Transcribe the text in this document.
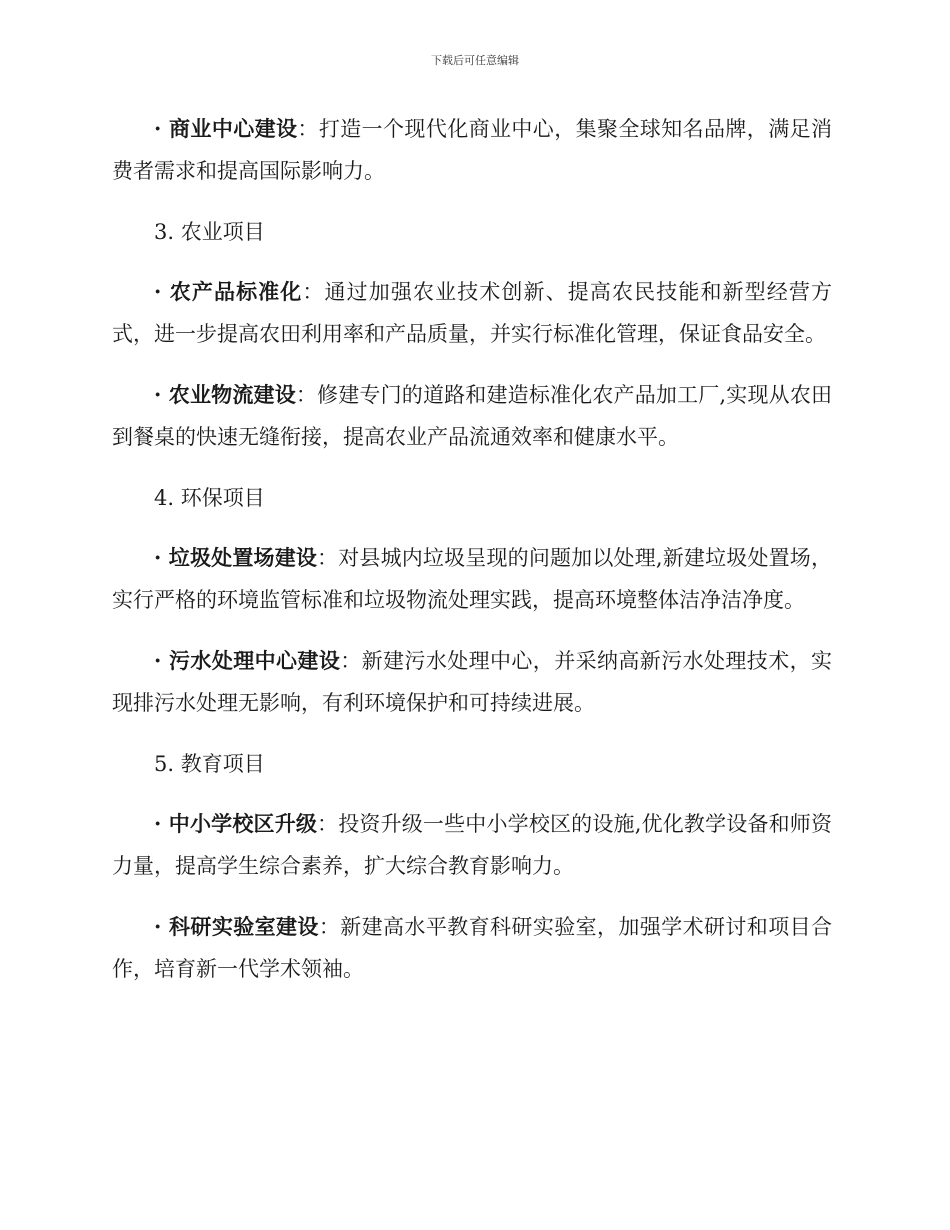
下载后可任意编辑

· 商业中心建设：打造一个现代化商业中心，集聚全球知名品牌，满足消费者需求和提高国际影响力。

3. 农业项目

· 农产品标准化：通过加强农业技术创新、提高农民技能和新型经营方式，进一步提高农田利用率和产品质量，并实行标准化管理，保证食品安全。

· 农业物流建设：修建专门的道路和建造标准化农产品加工厂,实现从农田到餐桌的快速无缝衔接，提高农业产品流通效率和健康水平。

4. 环保项目

· 垃圾处置场建设：对县城内垃圾呈现的问题加以处理,新建垃圾处置场，实行严格的环境监管标准和垃圾物流处理实践，提高环境整体洁净洁净度。

· 污水处理中心建设：新建污水处理中心，并采纳高新污水处理技术，实现排污水处理无影响，有利环境保护和可持续进展。

5. 教育项目

· 中小学校区升级：投资升级一些中小学校区的设施,优化教学设备和师资力量，提高学生综合素养，扩大综合教育影响力。

· 科研实验室建设：新建高水平教育科研实验室，加强学术研讨和项目合作，培育新一代学术领袖。
